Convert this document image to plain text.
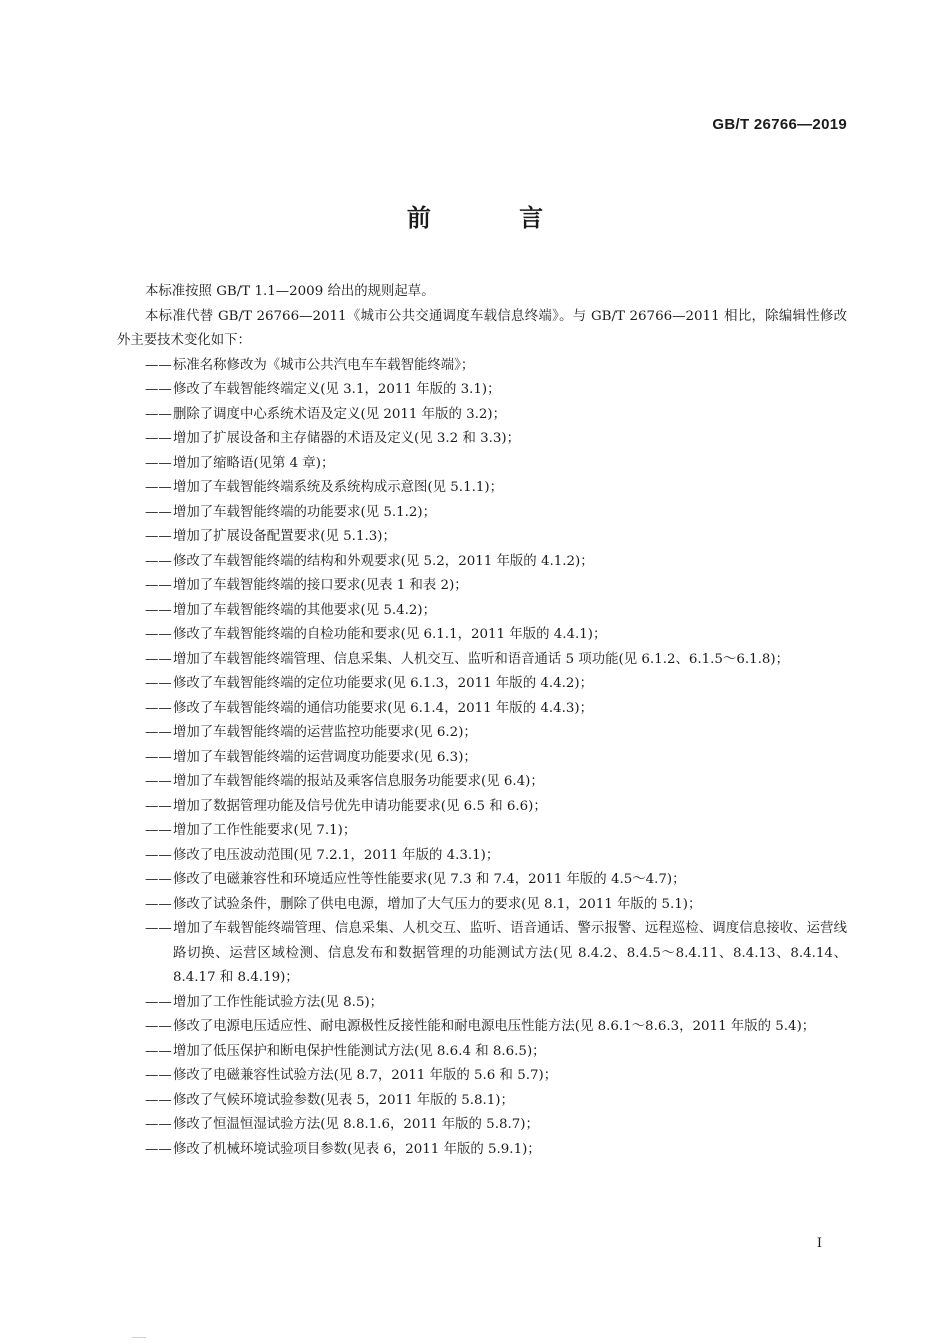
GB/T 26766—2019
前 言

本标准按照 GB/T 1.1—2009 给出的规则起草。

本标准代替 GB/T 26766—2011《城市公共交通调度车载信息终端》。与 GB/T 26766—2011 相比，除编辑性修改外主要技术变化如下：

——标准名称修改为《城市公共汽电车车载智能终端》；

——修改了车载智能终端定义(见 3.1，2011 年版的 3.1)；

——删除了调度中心系统术语及定义(见 2011 年版的 3.2)；

——增加了扩展设备和主存储器的术语及定义(见 3.2 和 3.3)；

——增加了缩略语(见第 4 章)；

——增加了车载智能终端系统及系统构成示意图(见 5.1.1)；

——增加了车载智能终端的功能要求(见 5.1.2)；

——增加了扩展设备配置要求(见 5.1.3)；

——修改了车载智能终端的结构和外观要求(见 5.2，2011 年版的 4.1.2)；

——增加了车载智能终端的接口要求(见表 1 和表 2)；

——增加了车载智能终端的其他要求(见 5.4.2)；

——修改了车载智能终端的自检功能和要求(见 6.1.1，2011 年版的 4.4.1)；

——增加了车载智能终端管理、信息采集、人机交互、监听和语音通话 5 项功能(见 6.1.2、6.1.5～6.1.8)；

——修改了车载智能终端的定位功能要求(见 6.1.3，2011 年版的 4.4.2)；

——修改了车载智能终端的通信功能要求(见 6.1.4，2011 年版的 4.4.3)；

——增加了车载智能终端的运营监控功能要求(见 6.2)；

——增加了车载智能终端的运营调度功能要求(见 6.3)；

——增加了车载智能终端的报站及乘客信息服务功能要求(见 6.4)；

——增加了数据管理功能及信号优先申请功能要求(见 6.5 和 6.6)；

——增加了工作性能要求(见 7.1)；

——修改了电压波动范围(见 7.2.1，2011 年版的 4.3.1)；

——修改了电磁兼容性和环境适应性等性能要求(见 7.3 和 7.4，2011 年版的 4.5～4.7)；

——修改了试验条件，删除了供电电源，增加了大气压力的要求(见 8.1，2011 年版的 5.1)；

——增加了车载智能终端管理、信息采集、人机交互、监听、语音通话、警示报警、远程巡检、调度信息接收、运营线路切换、运营区域检测、信息发布和数据管理的功能测试方法(见 8.4.2、8.4.5～8.4.11、8.4.13、8.4.14、8.4.17 和 8.4.19)；

——增加了工作性能试验方法(见 8.5)；

——修改了电源电压适应性、耐电源极性反接性能和耐电源电压性能方法(见 8.6.1～8.6.3，2011 年版的 5.4)；

——增加了低压保护和断电保护性能测试方法(见 8.6.4 和 8.6.5)；

——修改了电磁兼容性试验方法(见 8.7，2011 年版的 5.6 和 5.7)；

——修改了气候环境试验参数(见表 5，2011 年版的 5.8.1)；

——修改了恒温恒湿试验方法(见 8.8.1.6，2011 年版的 5.8.7)；

——修改了机械环境试验项目参数(见表 6，2011 年版的 5.9.1)；

I
